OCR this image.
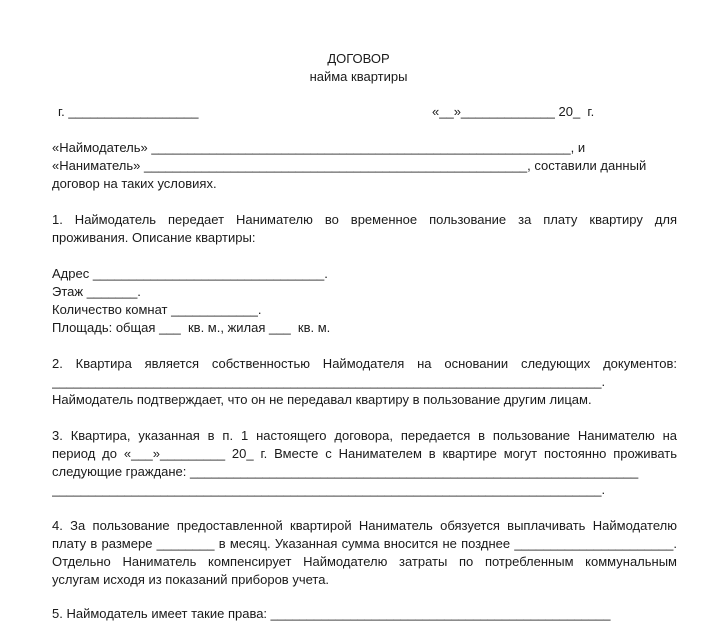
ДОГОВОР
найма квартиры
г. __________________	«__»_____________ 20_  г.
«Наймодатель» __________________________________________________________, и
«Наниматель» _____________________________________________________, составили данный
договор на таких условиях.
1. Наймодатель передает Нанимателю во временное пользование за плату квартиру для
проживания. Описание квартиры:
Адрес ________________________________.
Этаж _______.
Количество комнат ____________.
Площадь: общая ___  кв. м., жилая ___  кв. м.
2. Квартира является собственностью Наймодателя на основании следующих документов:
____________________________________________________________________________.
Наймодатель подтверждает, что он не передавал квартиру в пользование другим лицам.
3. Квартира, указанная в п. 1 настоящего договора, передается в пользование Нанимателю на
период до «___»_________ 20_ г. Вместе с Нанимателем в квартире могут постоянно проживать
следующие граждане: ______________________________________________________________
____________________________________________________________________________.
4. За пользование предоставленной квартирой Наниматель обязуется выплачивать Наймодателю
плату в размере ________ в месяц. Указанная сумма вносится не позднее ______________________.
Отдельно Наниматель компенсирует Наймодателю затраты по потребленным коммунальным
услугам исходя из показаний приборов учета.
5. Наймодатель имеет такие права: _______________________________________________
